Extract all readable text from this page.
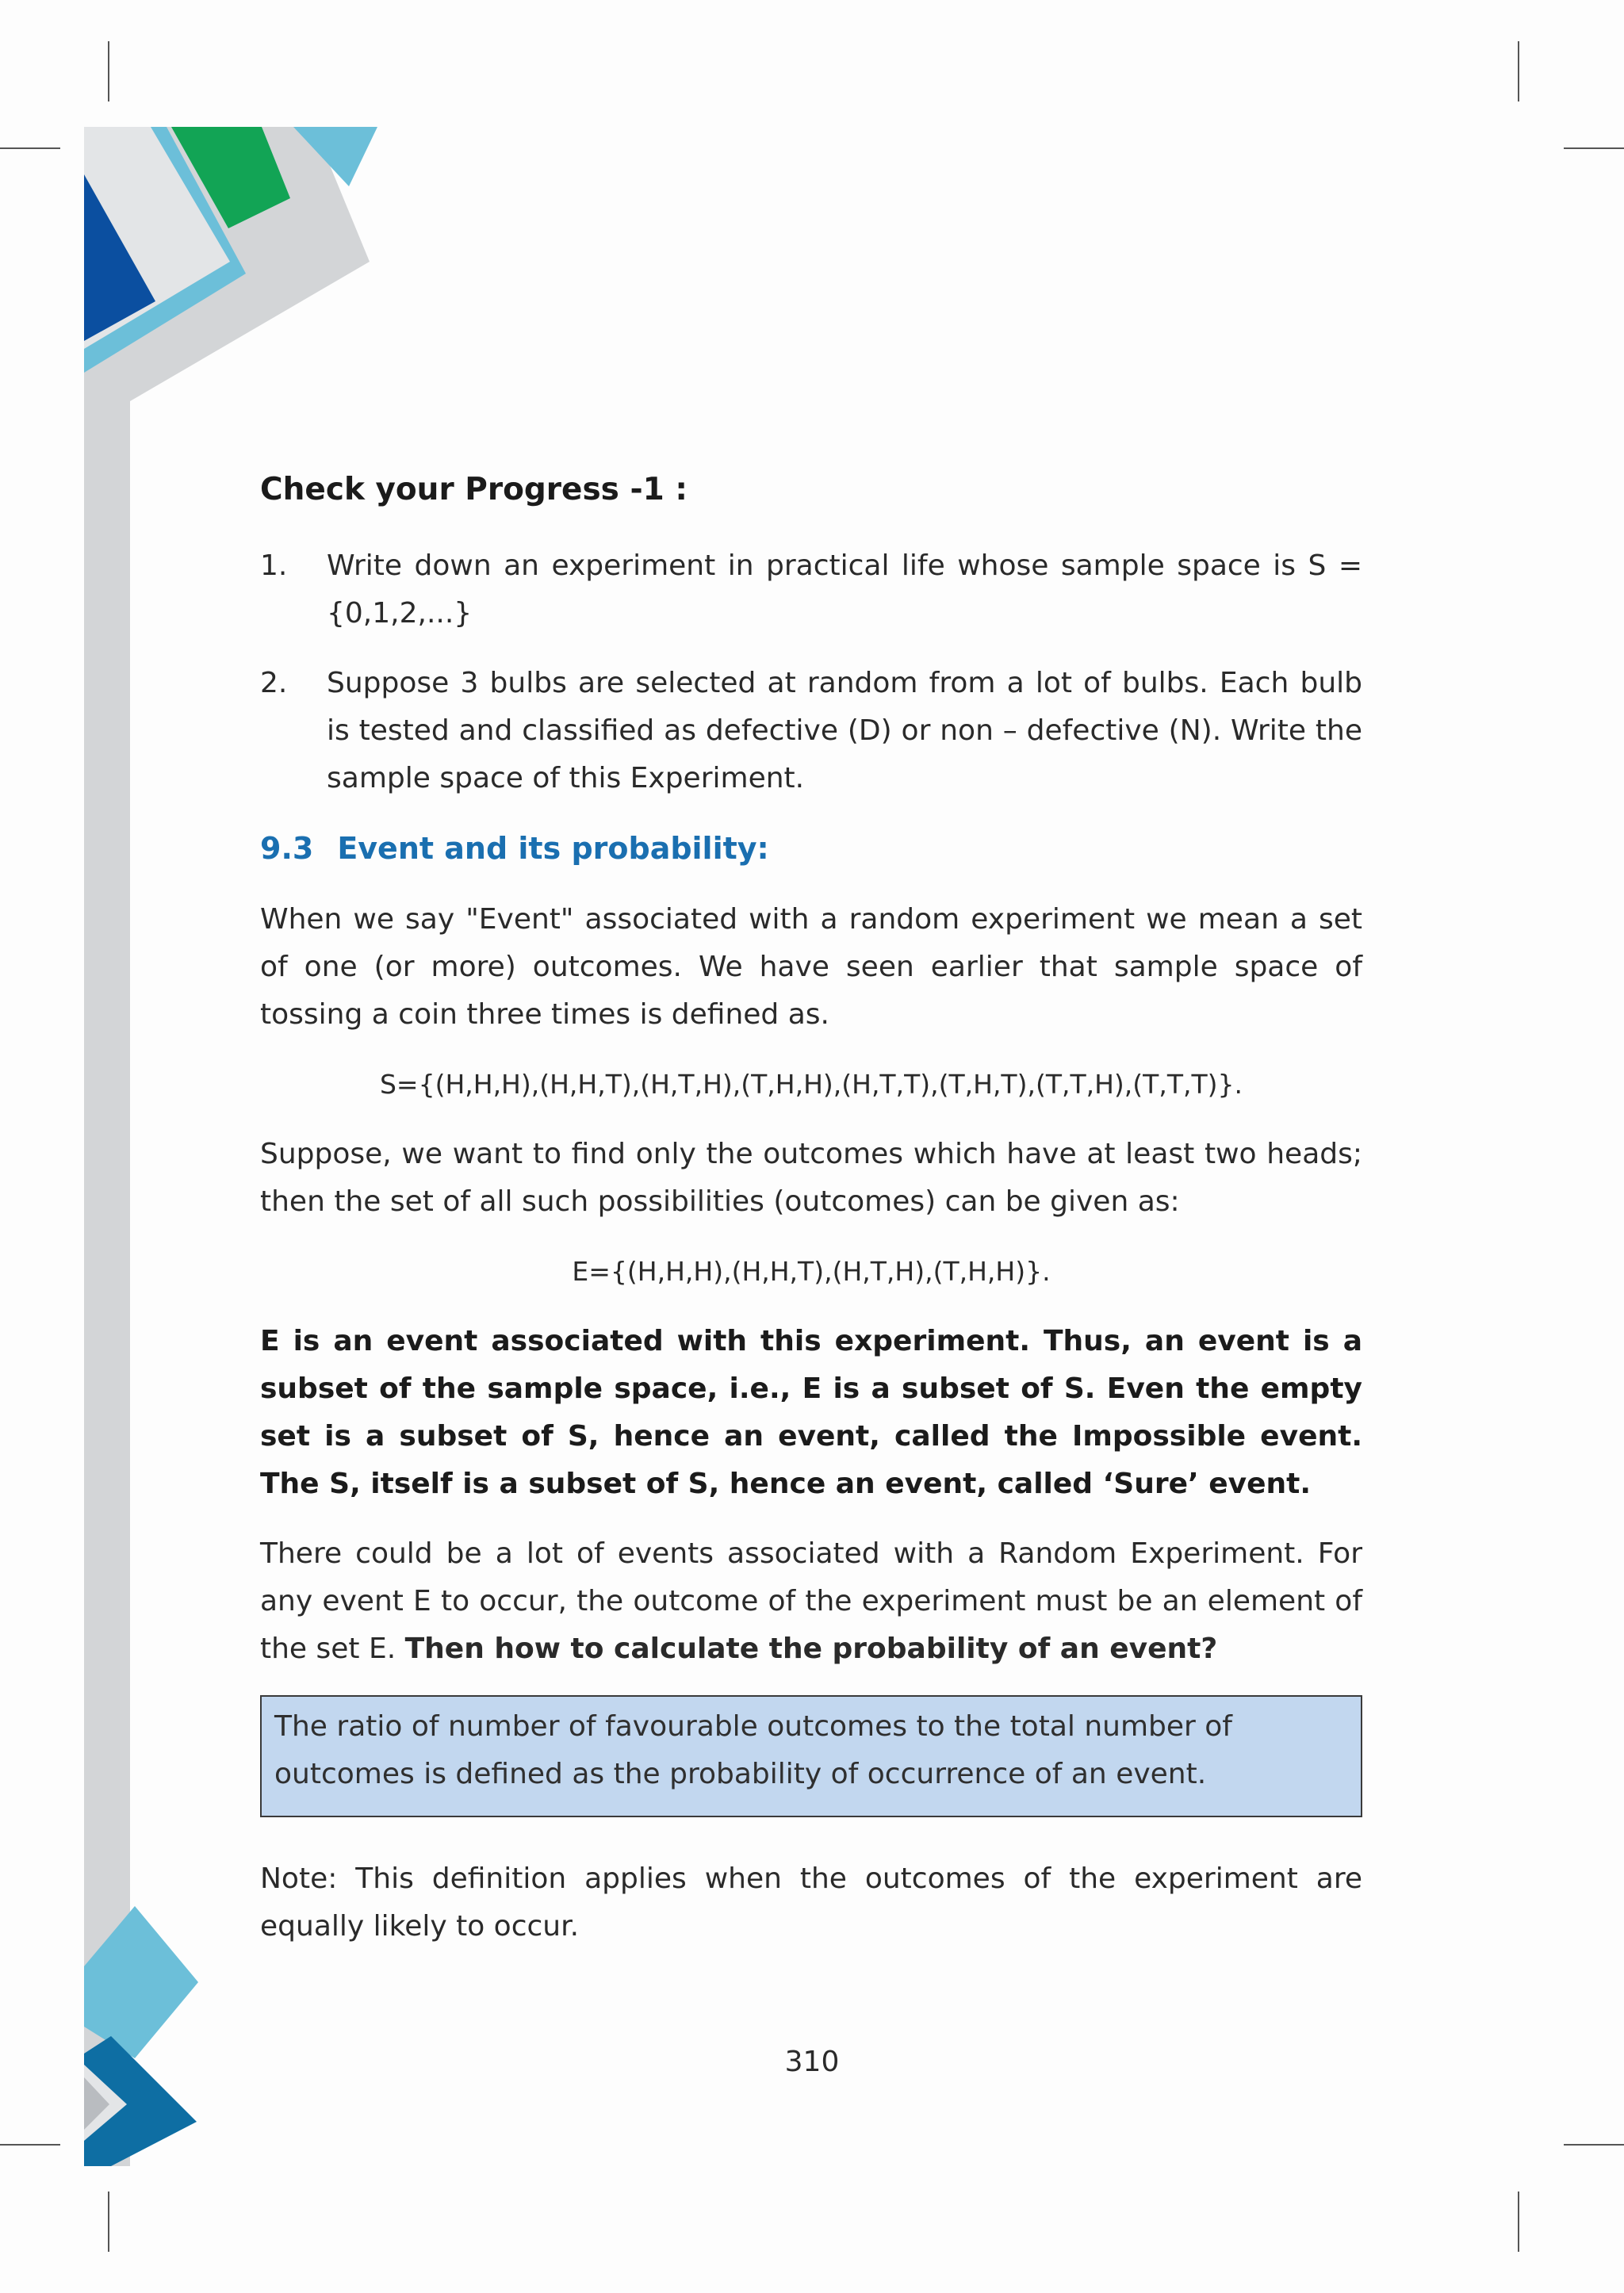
Check your Progress -1 :
1. Write down an experiment in practical life whose sample space is S = {0,1,2,...}
2. Suppose 3 bulbs are selected at random from a lot of bulbs. Each bulb is tested and classified as defective (D) or non – defective (N). Write the sample space of this Experiment.
9.3 Event and its probability:

When we say "Event" associated with a random experiment we mean a set of one (or more) outcomes. We have seen earlier that sample space of tossing a coin three times is defined as.

S={(H,H,H),(H,H,T),(H,T,H),(T,H,H),(H,T,T),(T,H,T),(T,T,H),(T,T,T)}.

Suppose, we want to find only the outcomes which have at least two heads; then the set of all such possibilities (outcomes) can be given as:

E={(H,H,H),(H,H,T),(H,T,H),(T,H,H)}.

E is an event associated with this experiment. Thus, an event is a subset of the sample space, i.e., E is a subset of S. Even the empty set is a subset of S, hence an event, called the Impossible event. The S, itself is a subset of S, hence an event, called ‘Sure’ event.

There could be a lot of events associated with a Random Experiment. For any event E to occur, the outcome of the experiment must be an element of the set E. Then how to calculate the probability of an event?

The ratio of number of favourable outcomes to the total number of outcomes is defined as the probability of occurrence of an event.

Note: This definition applies when the outcomes of the experiment are equally likely to occur.

310
